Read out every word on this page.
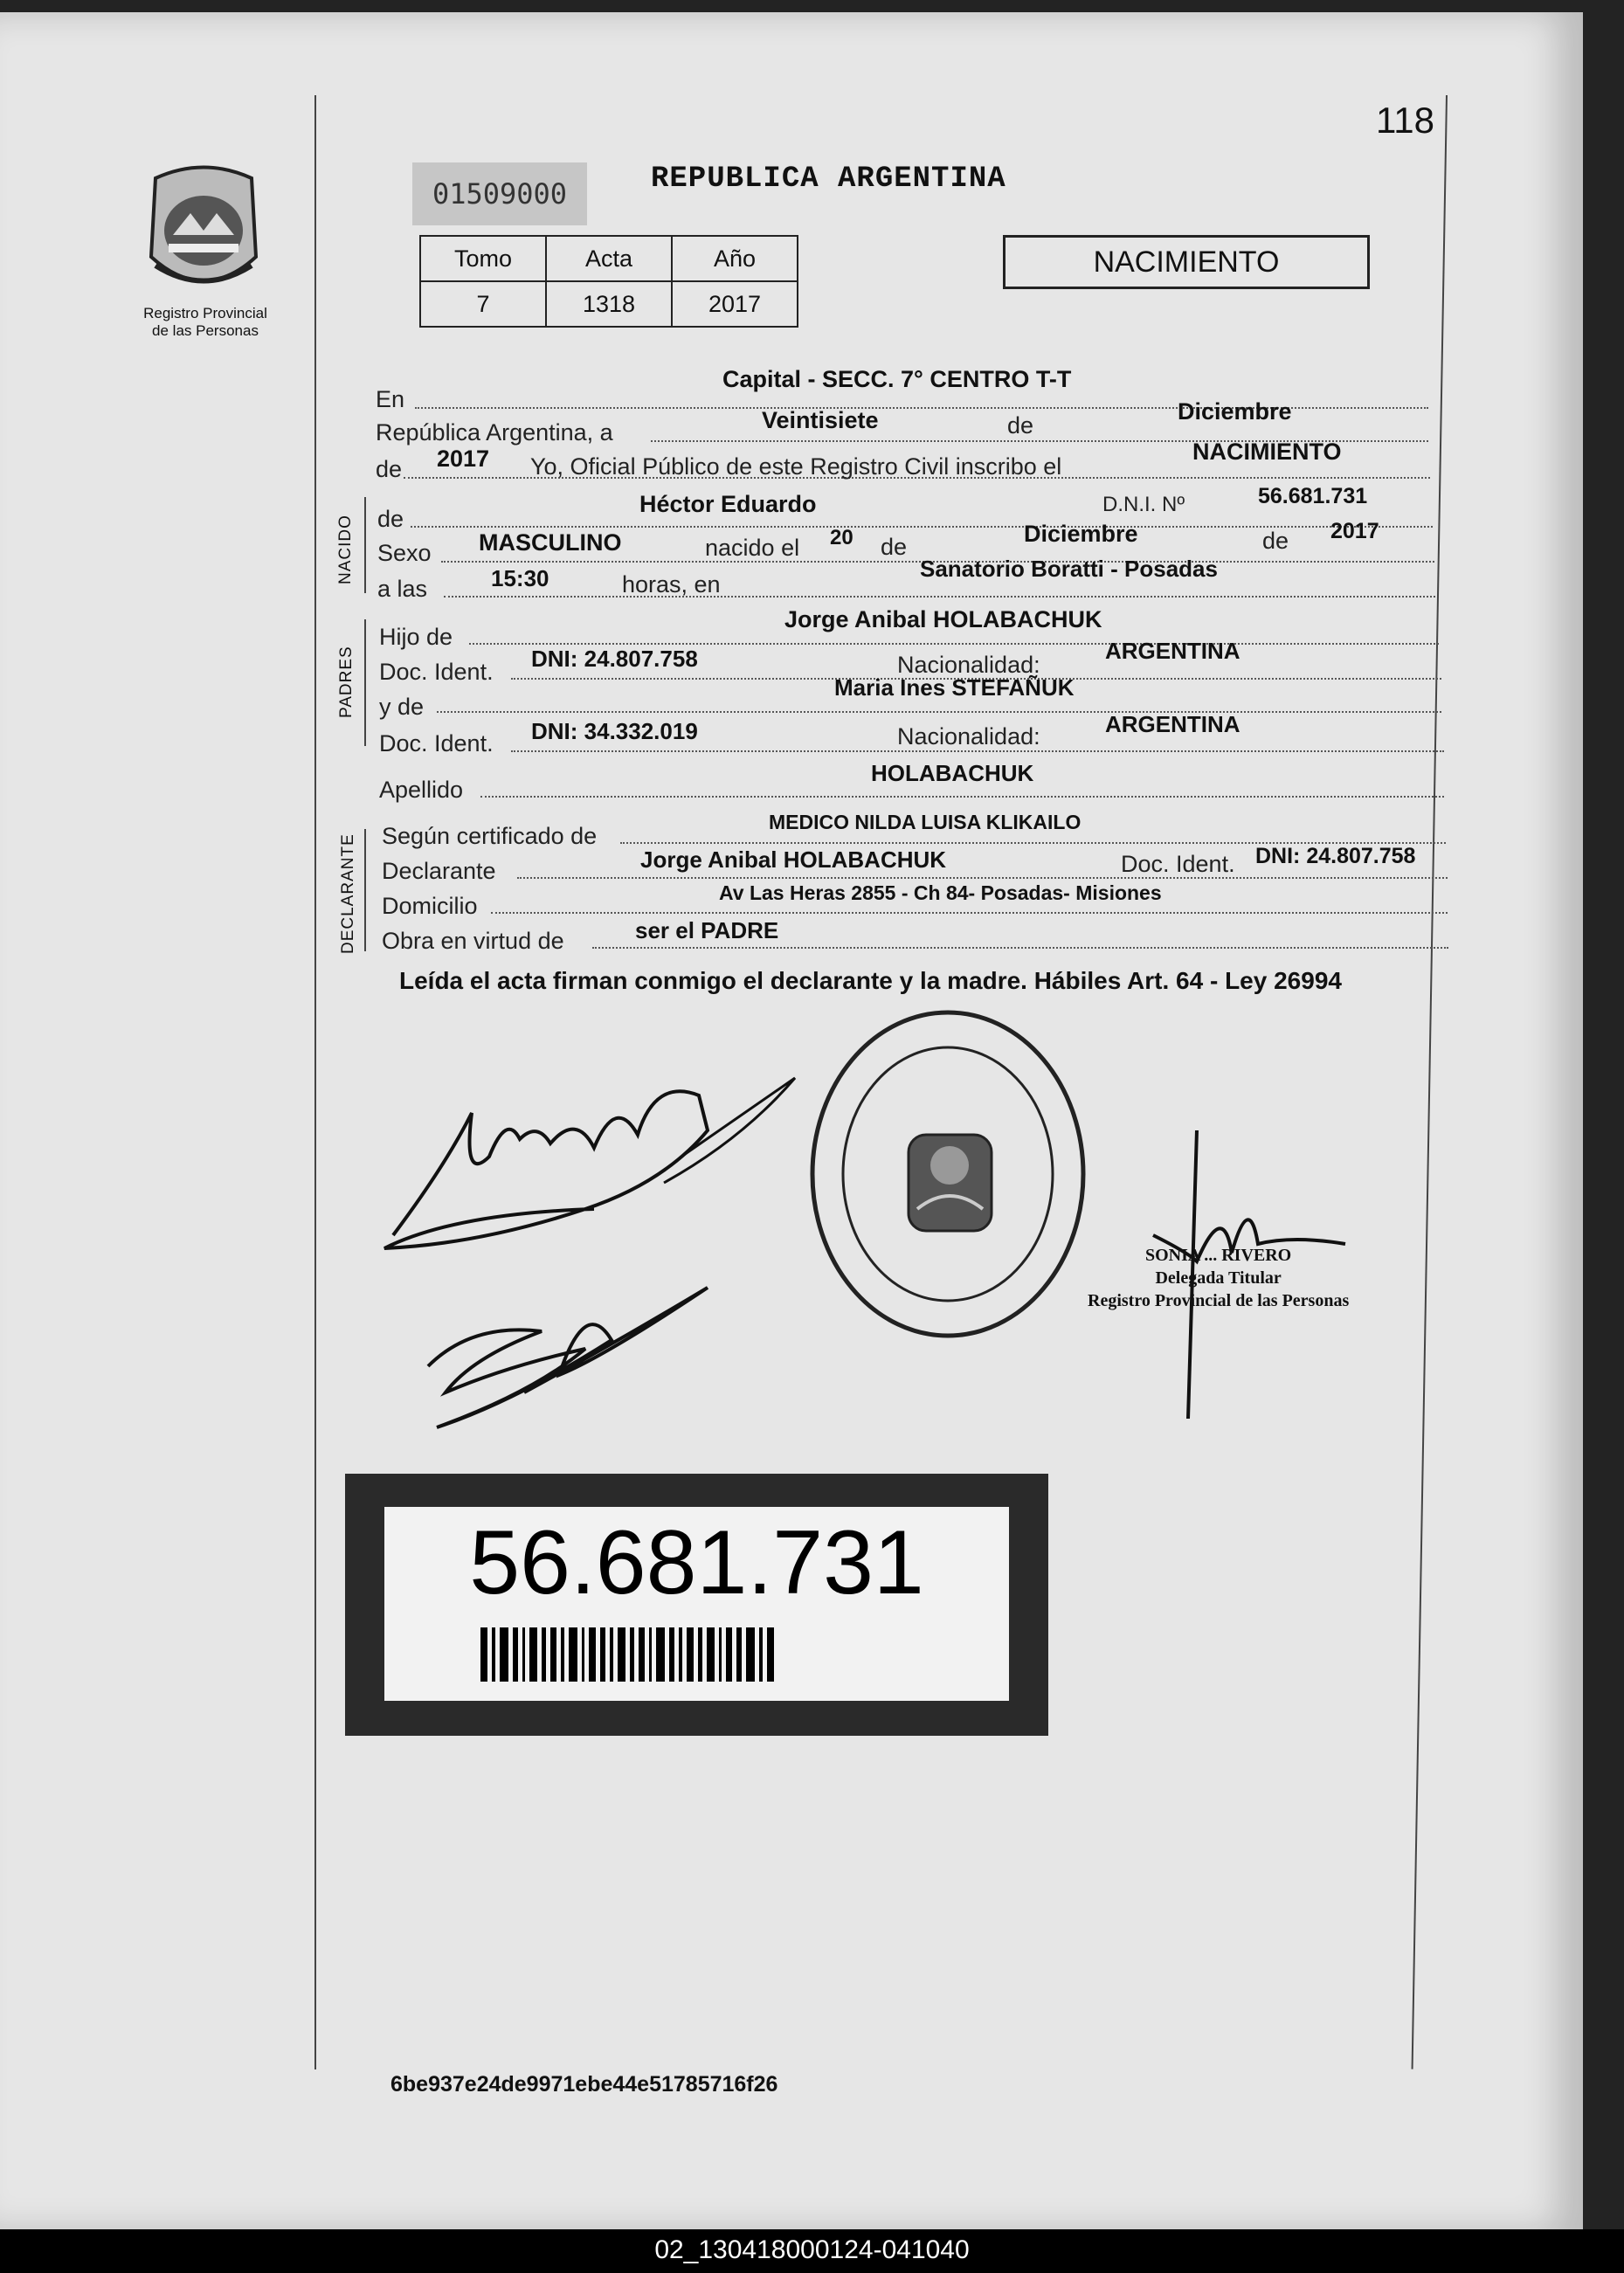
118
Registro Provincial
de las Personas
01509000	REPUBLICA ARGENTINA
Tomo	Acta	Año
7	1318	2017
NACIMIENTO
En
Capital - SECC. 7° CENTRO T-T
República Argentina, a	Veintisiete	de
Diciembre
de 2017 Yo, Oficial Público de este Registro Civil inscribo el
NACIMIENTO
NACIDO de
Héctor Eduardo	D.N.I. Nº	56.681.731
Sexo MASCULINO	nacido el 20 de	Diciembre	de 2017
a las	15:30	horas, en
Sanatorio Boratti - Posadas
PADRES
Hijo de
Jorge Anibal HOLABACHUK
Doc. Ident. DNI: 24.807.758	Nacionalidad:
ARGENTINA
y de
Maria Ines STEFAÑUK
Doc. Ident. DNI: 34.332.019	Nacionalidad:	ARGENTINA
Apellido
HOLABACHUK
DECLARANTE Según certificado de
MEDICO NILDA LUISA KLIKAILO
Declarante	Jorge Anibal HOLABACHUK	Doc. Ident. DNI: 24.807.758
Domicilio	Av Las Heras 2855 - Ch 84- Posadas- Misiones
Obra en virtud de	ser el PADRE
Leída el acta firman conmigo el declarante y la madre. Hábiles Art. 64 - Ley 26994
SONIA ... RIVERO
Delegada Titular
Registro Provincial de las Personas
56.681.731
6be937e24de9971ebe44e51785716f26
02_130418000124-041040
